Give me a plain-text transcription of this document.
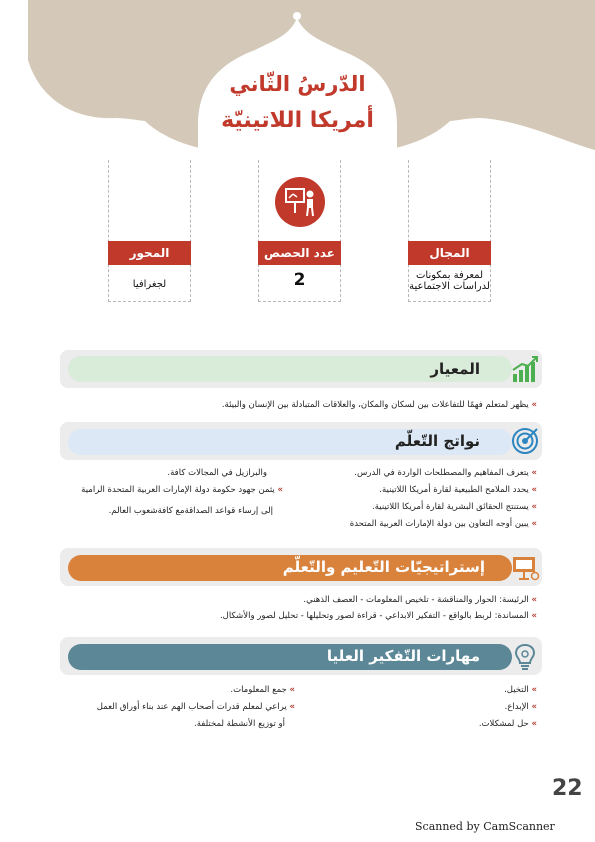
الدّرسُ الثّاني
أمريكا اللاتينيّة
المحور	عدد الحصص	المجال
لجغرافيا	2	لمعرفة بمكونات
لدراسات الاجتماعية
المعيار
» يظهر لمتعلم فهمًا للتفاعلات بين لسكان والمكان، والعلاقات المتبادلة بين الإنسان والبيئة.
نواتج التّعلّم
» يتعرف المفاهيم والمصطلحات الواردة في الدرس.
» يحدد الملامح الطبيعية لقارة أمريكا اللاتينية.
» يستنتج الحقائق البشرية لقارة أمريكا اللاتينية.
» يبين أوجه التعاون بين دولة الإمارات العربية المتحدة
والبرازيل في المجالات كافة.
» يثمن جهود حكومة دولة الإمارات العربية المتحدة الرامية
إلى إرساء قواعد الصداقةمع كافةشعوب العالم.
إستراتيجيّات التّعليم والتّعلّم
» الرئيسة: الحوار والمناقشة - تلخيص المعلومات - العصف الذهني.
» المساندة: لربط بالواقع - التفكير الابداعي - قراءة لصور وتحليلها - تحليل لصور والأشكال.
مهارات التّفكير العليا
» التخيل.
» الإبداع.
» حل لمشكلات.
» جمع المعلومات.
» يراعي لمعلم قدرات أصحاب الهم عند بناء أوراق العمل
أو توزيع الأنشطة لمختلفة.
22
Scanned by CamScanner
